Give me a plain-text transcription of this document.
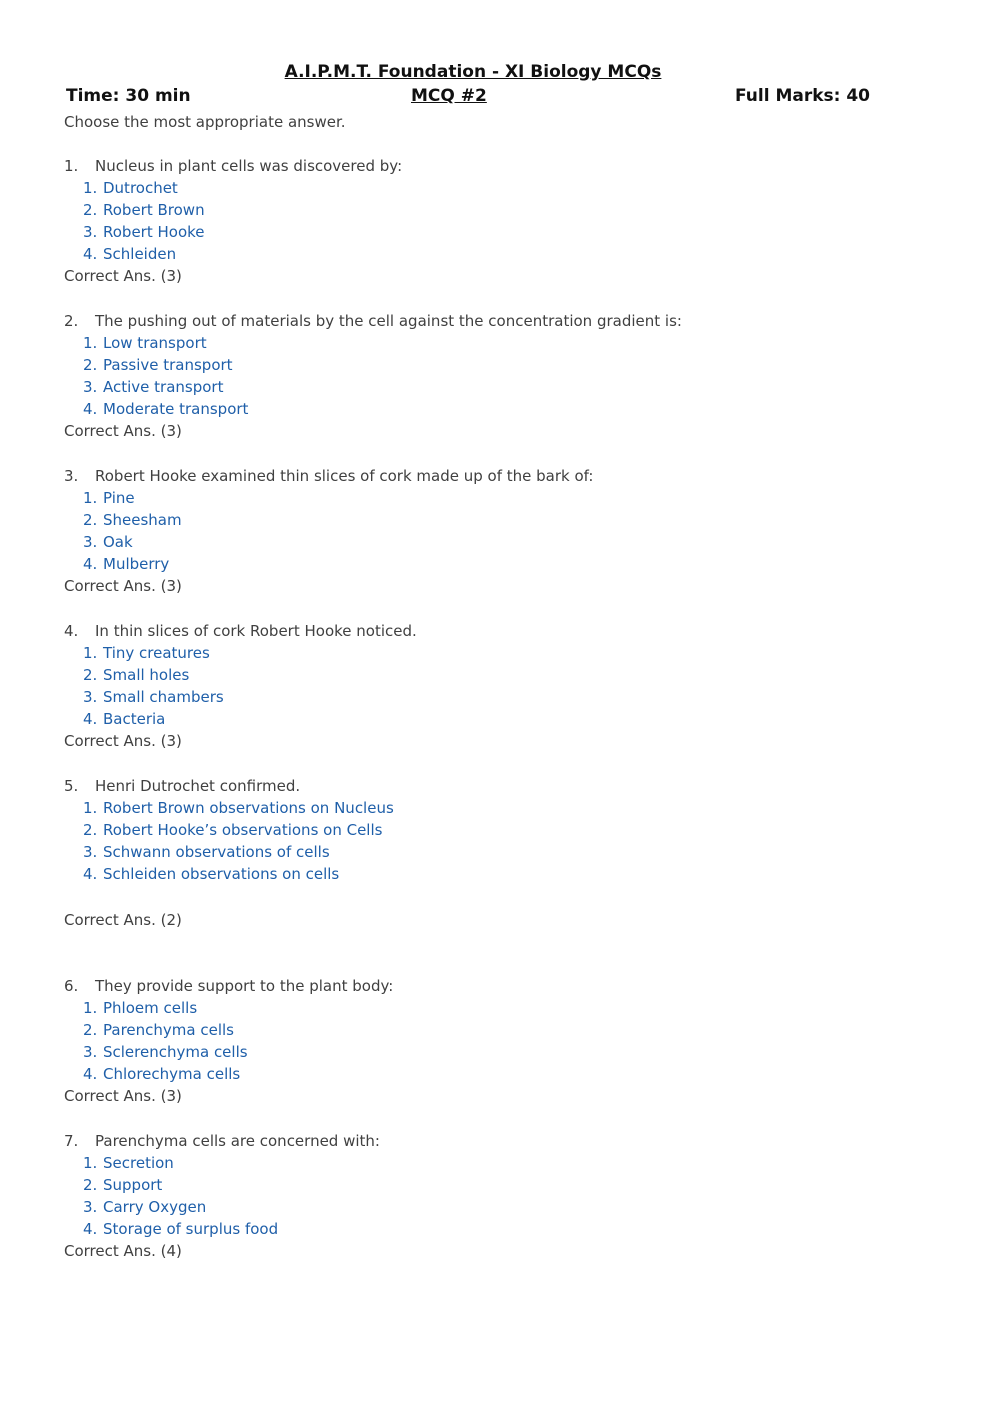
A.I.P.M.T. Foundation - XI Biology MCQs
Time: 30 min	MCQ #2	Full Marks: 40
Choose the most appropriate answer.
1. Nucleus in plant cells was discovered by:
1. Dutrochet
2. Robert Brown
3. Robert Hooke
4. Schleiden
Correct Ans. (3)
2. The pushing out of materials by the cell against the concentration gradient is:
1. Low transport
2. Passive transport
3. Active transport
4. Moderate transport
Correct Ans. (3)
3. Robert Hooke examined thin slices of cork made up of the bark of:
1. Pine
2. Sheesham
3. Oak
4. Mulberry
Correct Ans. (3)
4. In thin slices of cork Robert Hooke noticed.
1. Tiny creatures
2. Small holes
3. Small chambers
4. Bacteria
Correct Ans. (3)
5. Henri Dutrochet confirmed.
1. Robert Brown observations on Nucleus
2. Robert Hooke’s observations on Cells
3. Schwann observations of cells
4. Schleiden observations on cells
Correct Ans. (2)
6. They provide support to the plant body:
1. Phloem cells
2. Parenchyma cells
3. Sclerenchyma cells
4. Chlorechyma cells
Correct Ans. (3)
7. Parenchyma cells are concerned with:
1. Secretion
2. Support
3. Carry Oxygen
4. Storage of surplus food
Correct Ans. (4)
